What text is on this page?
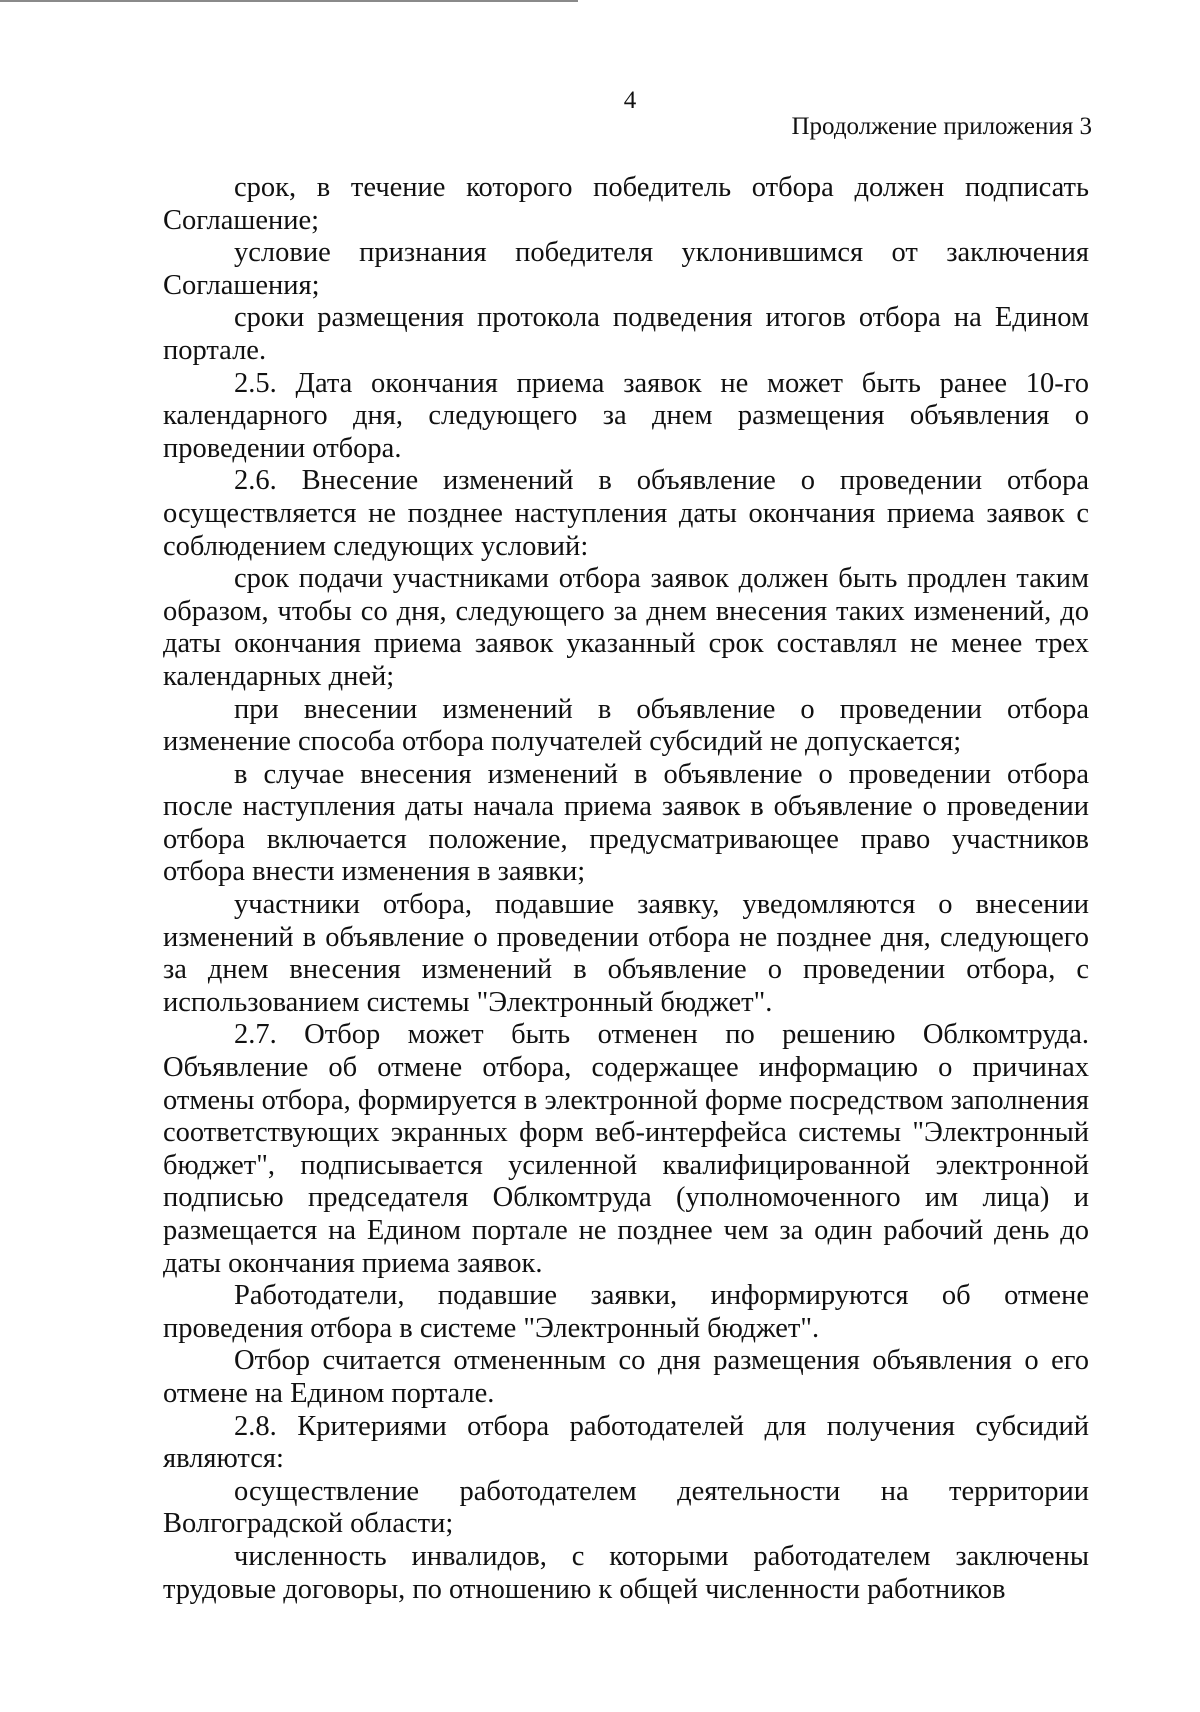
4
Продолжение приложения 3

срок, в течение которого победитель отбора должен подписать Соглашение;

условие признания победителя уклонившимся от заключения Соглашения;

сроки размещения протокола подведения итогов отбора на Едином портале.

2.5. Дата окончания приема заявок не может быть ранее 10-го календарного дня, следующего за днем размещения объявления о проведении отбора.

2.6. Внесение изменений в объявление о проведении отбора осуществляется не позднее наступления даты окончания приема заявок с соблюдением следующих условий:

срок подачи участниками отбора заявок должен быть продлен таким образом, чтобы со дня, следующего за днем внесения таких изменений, до даты окончания приема заявок указанный срок составлял не менее трех календарных дней;

при внесении изменений в объявление о проведении отбора изменение способа отбора получателей субсидий не допускается;

в случае внесения изменений в объявление о проведении отбора после наступления даты начала приема заявок в объявление о проведении отбора включается положение, предусматривающее право участников отбора внести изменения в заявки;

участники отбора, подавшие заявку, уведомляются о внесении изменений в объявление о проведении отбора не позднее дня, следующего за днем внесения изменений в объявление о проведении отбора, с использованием системы "Электронный бюджет".

2.7. Отбор может быть отменен по решению Облкомтруда. Объявление об отмене отбора, содержащее информацию о причинах отмены отбора, формируется в электронной форме посредством заполнения соответствующих экранных форм веб-интерфейса системы "Электронный бюджет", подписывается усиленной квалифицированной электронной подписью председателя Облкомтруда (уполномоченного им лица) и размещается на Едином портале не позднее чем за один рабочий день до даты окончания приема заявок.

Работодатели, подавшие заявки, информируются об отмене проведения отбора в системе "Электронный бюджет".

Отбор считается отмененным со дня размещения объявления о его отмене на Едином портале.

2.8. Критериями отбора работодателей для получения субсидий являются:

осуществление работодателем деятельности на территории Волгоградской области;

численность инвалидов, с которыми работодателем заключены трудовые договоры, по отношению к общей численности работников
